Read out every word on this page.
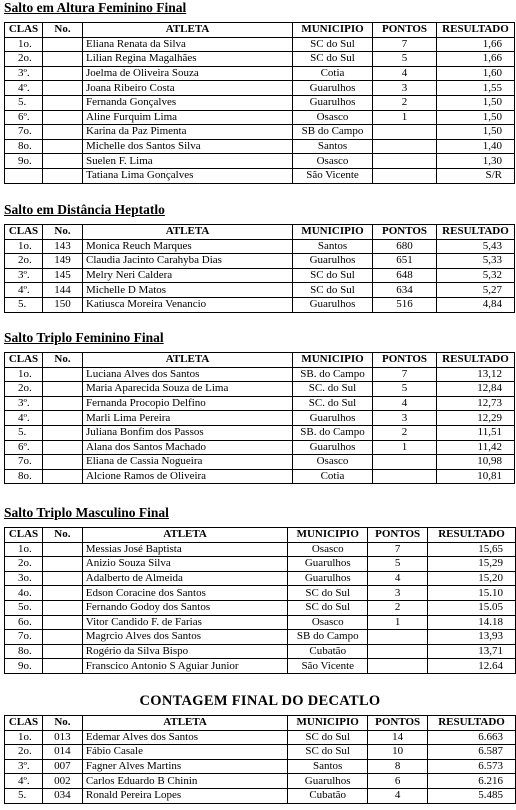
Salto em Altura Feminino Final
CLAS	No.	ATLETA	MUNICIPIO	PONTOS	RESULTADO
1o.		Eliana Renata da Silva	SC do Sul	7	1,66
2o.		Lilian Regina Magalhães	SC do Sul	5	1,66
3º.		Joelma de Oliveira Souza	Cotia	4	1,60
4º.		Joana Ribeiro Costa	Guarulhos	3	1,55
5.		Fernanda Gonçalves	Guarulhos	2	1,50
6º.		Aline Furquim Lima	Osasco	1	1,50
7o.		Karina da Paz Pimenta	SB do Campo		1,50
8o.		Michelle dos Santos Silva	Santos		1,40
9o.		Suelen F. Lima	Osasco		1,30
		Tatiana Lima Gonçalves	São Vicente		S/R
Salto em Distância Heptatlo
CLAS	No.	ATLETA	MUNICIPIO	PONTOS	RESULTADO
1o.	143	Monica Reuch Marques	Santos	680	5,43
2o.	149	Claudia Jacinto Carahyba Dias	Guarulhos	651	5,33
3º.	145	Melry Neri Caldera	SC do Sul	648	5,32
4º.	144	Michelle D Matos	SC do Sul	634	5,27
5.	150	Katiusca Moreira Venancio	Guarulhos	516	4,84
Salto Triplo Feminino Final
CLAS	No.	ATLETA	MUNICIPIO	PONTOS	RESULTADO
1o.		Luciana Alves dos Santos	SB. do Campo	7	13,12
2o.		Maria Aparecida Souza de Lima	SC. do Sul	5	12,84
3º.		Fernanda Procopio Delfino	SC. do Sul	4	12,73
4º.		Marli Lima Pereira	Guarulhos	3	12,29
5.		Juliana Bonfim dos Passos	SB. do Campo	2	11,51
6º.		Alana dos Santos Machado	Guarulhos	1	11,42
7o.		Eliana de Cassia Nogueira	Osasco		10,98
8o.		Alcione Ramos de Oliveira	Cotia		10,81
Salto Triplo Masculino Final
CLAS	No.	ATLETA	MUNICIPIO	PONTOS	RESULTADO
1o.		Messias José Baptista	Osasco	7	15,65
2o.		Anizio Souza Silva	Guarulhos	5	15,29
3o.		Adalberto de Almeida	Guarulhos	4	15,20
4o.		Edson Coracine dos Santos	SC do Sul	3	15.10
5o.		Fernando Godoy dos Santos	SC do Sul	2	15.05
6o.		Vitor Candido F. de Farias	Osasco	1	14.18
7o.		Magrcio Alves dos Santos	SB do Campo		13,93
8o.		Rogério da Silva Bispo	Cubatão		13,71
9o.		Franscico Antonio S Aguiar Junior	São Vicente		12.64
CONTAGEM FINAL DO DECATLO
CLAS	No.	ATLETA	MUNICIPIO	PONTOS	RESULTADO
1o.	013	Edemar Alves dos Santos	SC do Sul	14	6.663
2o.	014	Fábio Casale	SC do Sul	10	6.587
3º.	007	Fagner Alves Martins	Santos	8	6.573
4º.	002	Carlos Eduardo B Chinin	Guarulhos	6	6.216
5.	034	Ronald Pereira Lopes	Cubatão	4	5.485
